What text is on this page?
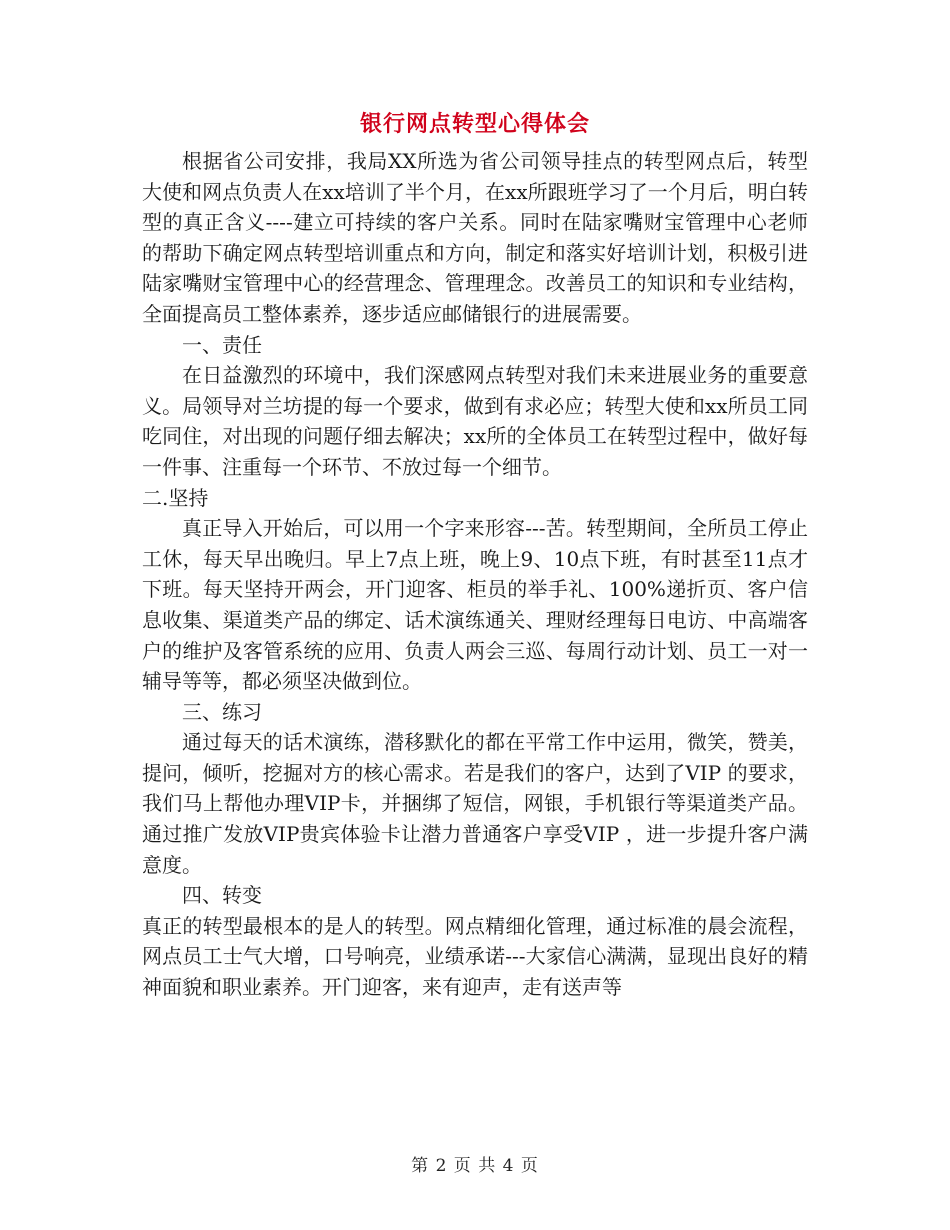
银行网点转型心得体会

根据省公司安排，我局XX所选为省公司领导挂点的转型网点后，转型大使和网点负责人在xx培训了半个月，在xx所跟班学习了一个月后，明白转型的真正含义----建立可持续的客户关系。同时在陆家嘴财宝管理中心老师的帮助下确定网点转型培训重点和方向，制定和落实好培训计划，积极引进陆家嘴财宝管理中心的经营理念、管理理念。改善员工的知识和专业结构，全面提高员工整体素养，逐步适应邮储银行的进展需要。

一、责任

在日益激烈的环境中，我们深感网点转型对我们未来进展业务的重要意义。局领导对兰坊提的每一个要求，做到有求必应；转型大使和xx所员工同吃同住，对出现的问题仔细去解决；xx所的全体员工在转型过程中，做好每一件事、注重每一个环节、不放过每一个细节。

二.坚持

真正导入开始后，可以用一个字来形容---苦。转型期间，全所员工停止工休，每天早出晚归。早上7点上班，晚上9、10点下班，有时甚至11点才下班。每天坚持开两会，开门迎客、柜员的举手礼、100%递折页、客户信息收集、渠道类产品的绑定、话术演练通关、理财经理每日电访、中高端客户的维护及客管系统的应用、负责人两会三巡、每周行动计划、员工一对一辅导等等，都必须坚决做到位。

三、练习

通过每天的话术演练，潜移默化的都在平常工作中运用，微笑，赞美，提问，倾听，挖掘对方的核心需求。若是我们的客户，达到了VIP 的要求，我们马上帮他办理VIP卡，并捆绑了短信，网银，手机银行等渠道类产品。通过推广发放VIP贵宾体验卡让潜力普通客户享受VIP ，进一步提升客户满意度。

四、转变

真正的转型最根本的是人的转型。网点精细化管理，通过标准的晨会流程，网点员工士气大增，口号响亮，业绩承诺---大家信心满满，显现出良好的精神面貌和职业素养。开门迎客，来有迎声，走有送声等

第 2 页 共 4 页
